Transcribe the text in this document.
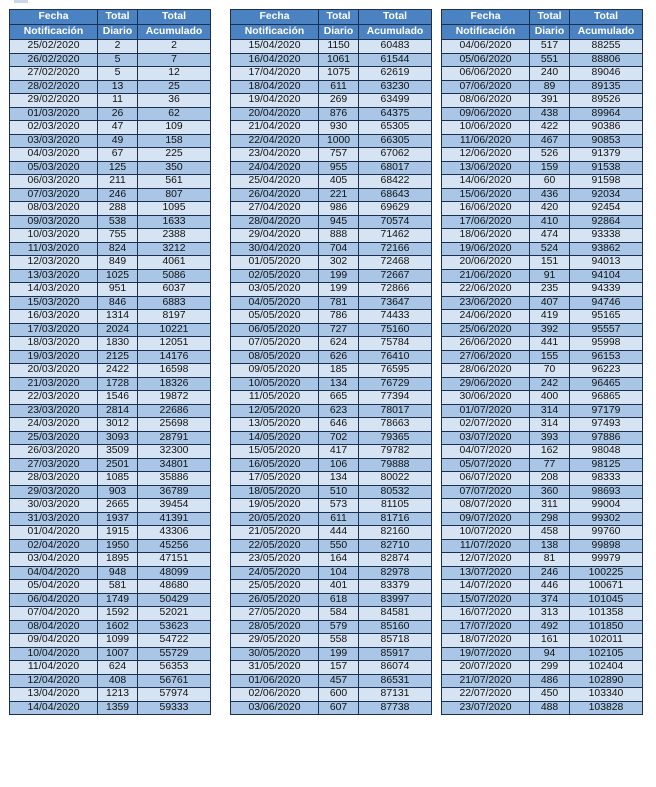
Fecha	Total	Total
Notificación	Diario	Acumulado
25/02/2020	2	2
26/02/2020	5	7
27/02/2020	5	12
28/02/2020	13	25
29/02/2020	11	36
01/03/2020	26	62
02/03/2020	47	109
03/03/2020	49	158
04/03/2020	67	225
05/03/2020	125	350
06/03/2020	211	561
07/03/2020	246	807
08/03/2020	288	1095
09/03/2020	538	1633
10/03/2020	755	2388
11/03/2020	824	3212
12/03/2020	849	4061
13/03/2020	1025	5086
14/03/2020	951	6037
15/03/2020	846	6883
16/03/2020	1314	8197
17/03/2020	2024	10221
18/03/2020	1830	12051
19/03/2020	2125	14176
20/03/2020	2422	16598
21/03/2020	1728	18326
22/03/2020	1546	19872
23/03/2020	2814	22686
24/03/2020	3012	25698
25/03/2020	3093	28791
26/03/2020	3509	32300
27/03/2020	2501	34801
28/03/2020	1085	35886
29/03/2020	903	36789
30/03/2020	2665	39454
31/03/2020	1937	41391
01/04/2020	1915	43306
02/04/2020	1950	45256
03/04/2020	1895	47151
04/04/2020	948	48099
05/04/2020	581	48680
06/04/2020	1749	50429
07/04/2020	1592	52021
08/04/2020	1602	53623
09/04/2020	1099	54722
10/04/2020	1007	55729
11/04/2020	624	56353
12/04/2020	408	56761
13/04/2020	1213	57974
14/04/2020	1359	59333
Fecha	Total	Total
Notificación	Diario	Acumulado
15/04/2020	1150	60483
16/04/2020	1061	61544
17/04/2020	1075	62619
18/04/2020	611	63230
19/04/2020	269	63499
20/04/2020	876	64375
21/04/2020	930	65305
22/04/2020	1000	66305
23/04/2020	757	67062
24/04/2020	955	68017
25/04/2020	405	68422
26/04/2020	221	68643
27/04/2020	986	69629
28/04/2020	945	70574
29/04/2020	888	71462
30/04/2020	704	72166
01/05/2020	302	72468
02/05/2020	199	72667
03/05/2020	199	72866
04/05/2020	781	73647
05/05/2020	786	74433
06/05/2020	727	75160
07/05/2020	624	75784
08/05/2020	626	76410
09/05/2020	185	76595
10/05/2020	134	76729
11/05/2020	665	77394
12/05/2020	623	78017
13/05/2020	646	78663
14/05/2020	702	79365
15/05/2020	417	79782
16/05/2020	106	79888
17/05/2020	134	80022
18/05/2020	510	80532
19/05/2020	573	81105
20/05/2020	611	81716
21/05/2020	444	82160
22/05/2020	550	82710
23/05/2020	164	82874
24/05/2020	104	82978
25/05/2020	401	83379
26/05/2020	618	83997
27/05/2020	584	84581
28/05/2020	579	85160
29/05/2020	558	85718
30/05/2020	199	85917
31/05/2020	157	86074
01/06/2020	457	86531
02/06/2020	600	87131
03/06/2020	607	87738
Fecha	Total	Total
Notificación	Diario	Acumulado
04/06/2020	517	88255
05/06/2020	551	88806
06/06/2020	240	89046
07/06/2020	89	89135
08/06/2020	391	89526
09/06/2020	438	89964
10/06/2020	422	90386
11/06/2020	467	90853
12/06/2020	526	91379
13/06/2020	159	91538
14/06/2020	60	91598
15/06/2020	436	92034
16/06/2020	420	92454
17/06/2020	410	92864
18/06/2020	474	93338
19/06/2020	524	93862
20/06/2020	151	94013
21/06/2020	91	94104
22/06/2020	235	94339
23/06/2020	407	94746
24/06/2020	419	95165
25/06/2020	392	95557
26/06/2020	441	95998
27/06/2020	155	96153
28/06/2020	70	96223
29/06/2020	242	96465
30/06/2020	400	96865
01/07/2020	314	97179
02/07/2020	314	97493
03/07/2020	393	97886
04/07/2020	162	98048
05/07/2020	77	98125
06/07/2020	208	98333
07/07/2020	360	98693
08/07/2020	311	99004
09/07/2020	298	99302
10/07/2020	458	99760
11/07/2020	138	99898
12/07/2020	81	99979
13/07/2020	246	100225
14/07/2020	446	100671
15/07/2020	374	101045
16/07/2020	313	101358
17/07/2020	492	101850
18/07/2020	161	102011
19/07/2020	94	102105
20/07/2020	299	102404
21/07/2020	486	102890
22/07/2020	450	103340
23/07/2020	488	103828
